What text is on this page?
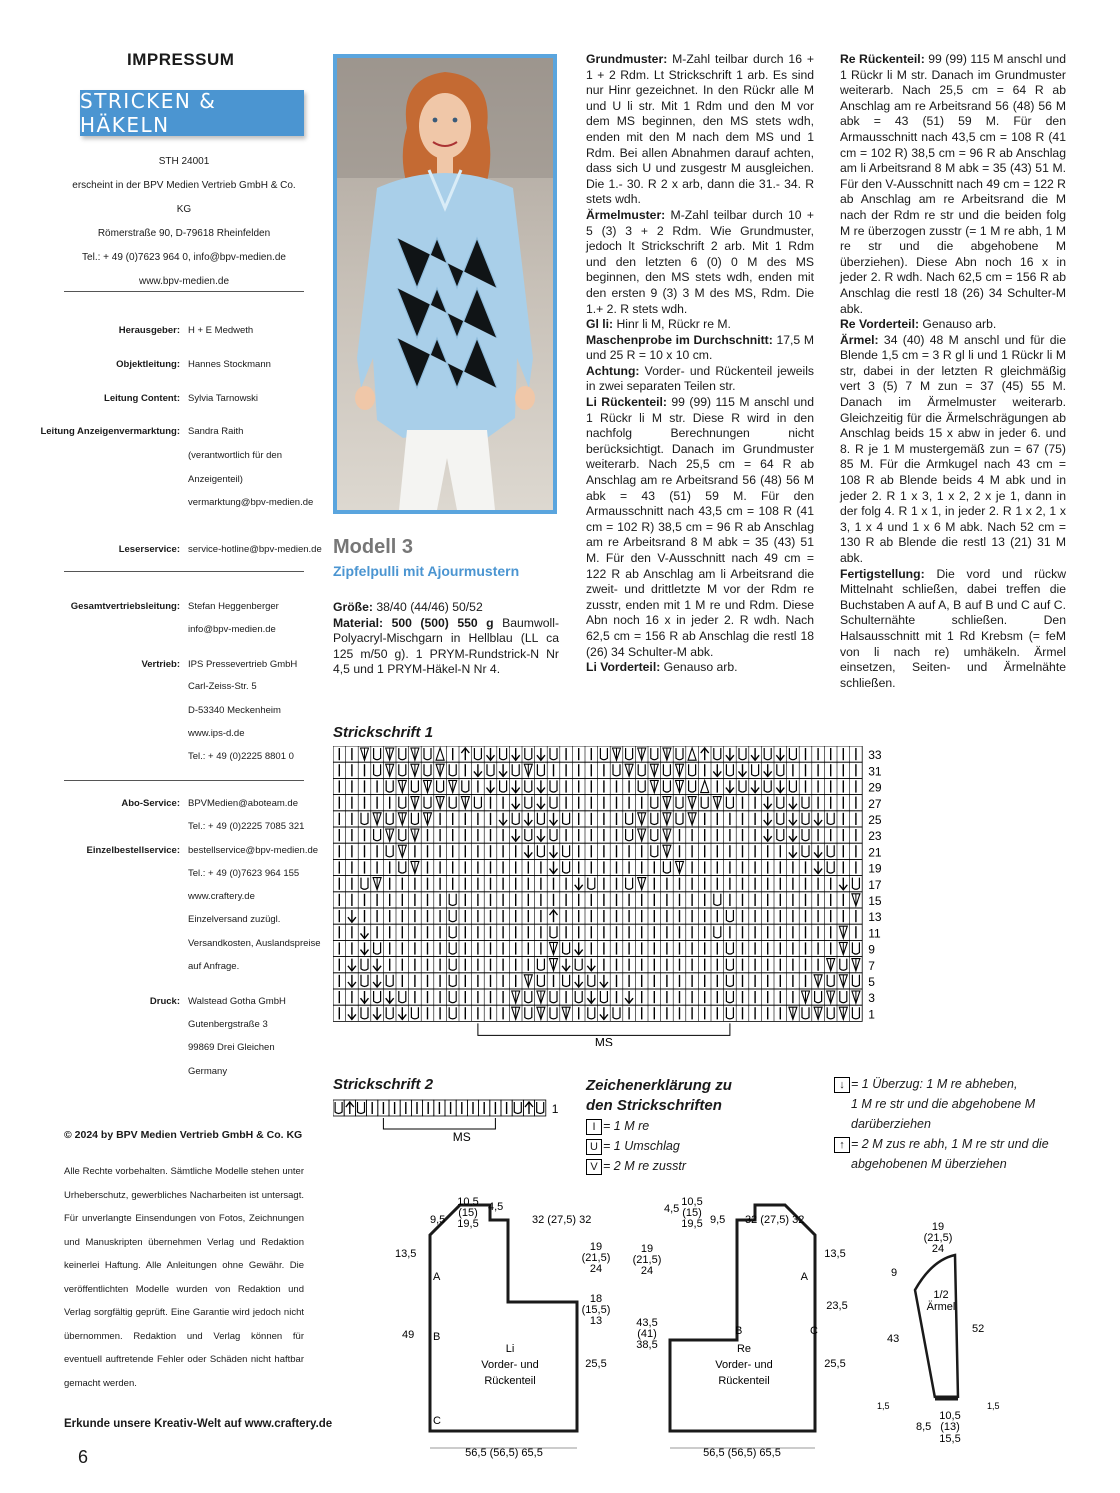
IMPRESSUM
STRICKEN & HÄKELN
STH 24001
erscheint in der BPV Medien Vertrieb GmbH & Co. KG
Römerstraße 90, D-79618 Rheinfelden
Tel.: + 49 (0)7623 964 0, info@bpv-medien.de
www.bpv-medien.de
Herausgeber: H + E Medweth
Objektleitung: Hannes Stockmann
Leitung Content: Sylvia Tarnowski
Leitung Anzeigenvermarktung: Sandra Raith
(verantwortlich für den
Anzeigenteil)
vermarktung@bpv-medien.de
Leserservice: service-hotline@bpv-medien.de
Gesamtvertriebsleitung: Stefan Heggenberger
info@bpv-medien.de
Vertrieb: IPS Pressevertrieb GmbH
Carl-Zeiss-Str. 5
D-53340 Meckenheim
www.ips-d.de
Tel.: + 49 (0)2225 8801 0
Abo-Service: BPVMedien@aboteam.de
Tel.: + 49 (0)2225 7085 321
Einzelbestellservice: bestellservice@bpv-medien.de
Tel.: + 49 (0)7623 964 155
www.craftery.de
Einzelversand zuzügl.
Versandkosten, Auslandspreise
auf Anfrage.
Druck: Walstead Gotha GmbH
Gutenbergstraße 3
99869 Drei Gleichen
Germany
© 2024 by BPV Medien Vertrieb GmbH & Co. KG
Alle Rechte vorbehalten. Sämtliche Modelle stehen unter Urheberschutz, gewerbliches Nacharbeiten ist untersagt. Für unverlangte Einsendungen von Fotos, Zeichnungen und Manuskripten übernehmen Verlag und Redaktion keinerlei Haftung. Alle Anleitungen ohne Gewähr. Die veröffentlichten Modelle wurden von Redaktion und Verlag sorgfältig geprüft. Eine Garantie wird jedoch nicht übernommen. Redaktion und Verlag können für eventuell auftretende Fehler oder Schäden nicht haftbar gemacht werden.
Erkunde unsere Kreativ-Welt auf www.craftery.de
6
Modell 3
Zipfelpulli mit Ajourmustern
Größe: 38/40 (44/46) 50/52
Material: 500 (500) 550 g Baumwoll-Polyacryl-Mischgarn in Hellblau (LL ca 125 m/50 g). 1 PRYM-Rundstrick-N Nr 4,5 und 1 PRYM-Häkel-N Nr 4.
Grundmuster: M-Zahl teilbar durch 16 + 1 + 2 Rdm. Lt Strickschrift 1 arb. Es sind nur Hinr gezeichnet. In den Rückr alle M und U li str. Mit 1 Rdm und den M vor dem MS beginnen, den MS stets wdh, enden mit den M nach dem MS und 1 Rdm. Bei allen Abnahmen darauf achten, dass sich U und zusgestr M ausgleichen. Die 1.- 30. R 2 x arb, dann die 31.- 34. R stets wdh.
Ärmelmuster: M-Zahl teilbar durch 10 + 5 (3) 3 + 2 Rdm. Wie Grundmuster, jedoch lt Strickschrift 2 arb. Mit 1 Rdm und den letzten 6 (0) 0 M des MS beginnen, den MS stets wdh, enden mit den ersten 9 (3) 3 M des MS, Rdm. Die 1.+ 2. R stets wdh.
Gl li: Hinr li M, Rückr re M.
Maschenprobe im Durchschnitt: 17,5 M und 25 R = 10 x 10 cm.
Achtung: Vorder- und Rückenteil jeweils in zwei separaten Teilen str.
Li Rückenteil: 99 (99) 115 M anschl und 1 Rückr li M str. Diese R wird in den nachfolg Berechnungen nicht berücksichtigt. Danach im Grundmuster weiterarb. Nach 25,5 cm = 64 R ab Anschlag am re Arbeitsrand 56 (48) 56 M abk = 43 (51) 59 M. Für den Armausschnitt nach 43,5 cm = 108 R (41 cm = 102 R) 38,5 cm = 96 R ab Anschlag am re Arbeitsrand 8 M abk = 35 (43) 51 M. Für den V-Ausschnitt nach 49 cm = 122 R ab Anschlag am li Arbeitsrand die zweit- und drittletzte M vor der Rdm re zusstr, enden mit 1 M re und Rdm. Diese Abn noch 16 x in jeder 2. R wdh. Nach 62,5 cm = 156 R ab Anschlag die restl 18 (26) 34 Schulter-M abk.
Li Vorderteil: Genauso arb.
Re Rückenteil: 99 (99) 115 M anschl und 1 Rückr li M str. Danach im Grundmuster weiterarb. Nach 25,5 cm = 64 R ab Anschlag am re Arbeitsrand 56 (48) 56 M abk = 43 (51) 59 M. Für den Armausschnitt nach 43,5 cm = 108 R (41 cm = 102 R) 38,5 cm = 96 R ab Anschlag am li Arbeitsrand 8 M abk = 35 (43) 51 M. Für den V-Ausschnitt nach 49 cm = 122 R ab Anschlag am re Arbeitsrand die M nach der Rdm re str und die beiden folg M re überzogen zusstr (= 1 M re abh, 1 M re str und die abgehobene M überziehen). Diese Abn noch 16 x in jeder 2. R wdh. Nach 62,5 cm = 156 R ab Anschlag die restl 18 (26) 34 Schulter-M abk.
Re Vorderteil: Genauso arb.
Ärmel: 34 (40) 48 M anschl und für die Blende 1,5 cm = 3 R gl li und 1 Rückr li M str, dabei in der letzten R gleichmäßig vert 3 (5) 7 M zun = 37 (45) 55 M. Danach im Ärmelmuster weiterarb. Gleichzeitig für die Ärmelschrägungen ab Anschlag beids 15 x abw in jeder 6. und 8. R je 1 M mustergemäß zun = 67 (75) 85 M. Für die Armkugel nach 43 cm = 108 R ab Blende beids 4 M abk und in jeder 2. R 1 x 3, 1 x 2, 2 x je 1, dann in der folg 4. R 1 x 1, in jeder 2. R 1 x 2, 1 x 3, 1 x 4 und 1 x 6 M abk. Nach 52 cm = 130 R ab Blende die restl 13 (21) 31 M abk.
Fertigstellung: Die vord und rückw Mittelnaht schließen, dabei treffen die Buchstaben A auf A, B auf B und C auf C. Schulternähte schließen. Den Halsausschnitt mit 1 Rd Krebsm (= feM von li nach re) umhäkeln. Ärmel einsetzen, Seiten- und Ärmelnähte schließen.
Strickschrift 1
33
31
29
27
25
23
21
19
17
15
13
11
9
7
5
3
1
MS
Strickschrift 2
1
MS
Zeichenerklärung zu
den Strickschriften
I = 1 M re
U = 1 Umschlag
V = 2 M re zusstr
↓ = 1 Überzug: 1 M re abheben,
1 M re str und die abgehobene M
darüberziehen
↑ = 2 M zus re abh, 1 M re str und die
abgehobenen M überziehen
A
B
C
Li
Vorder- und
Rückenteil
10,5
(15)
19,5
4,5
9,5	32 (27,5) 32
13,5
49
19
(21,5)
24
18
(15,5)
13
25,5
56,5 (56,5) 65,5
A
B	C
Re
Vorder- und
Rückenteil
10,5
(15)
19,5
4,5
9,5 32 (27,5) 32
19
(21,5)
24
43,5
(41)
38,5
13,5
23,5
25,5
56,5 (56,5) 65,5
19
(21,5)
24
9
43
52
1/2
Ärmel
1,5	1,5
10,5
(13)
15,5
8,5
